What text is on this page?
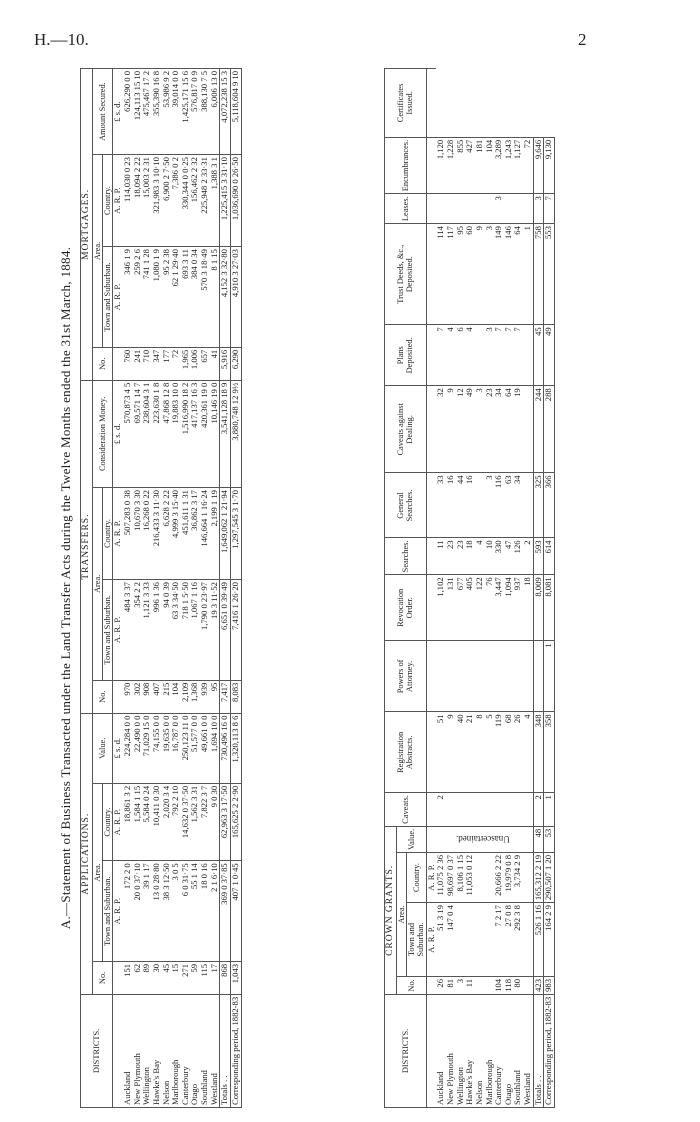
H.—10.	2
A.—Statement of Business Transacted under the Land Transfer Acts during the Twelve Months ended the 31st March, 1884.
DISTRICTS.	APPLICATIONS.				TRANSFERS.				MORTGAGES.			
	No.	Area.		Value.	No.	Area.		Consideration Money.	No.	Area.		Amount Secured.
		Town and Suburban.	Country.			Town and Suburban.	Country.			Town and Suburban.	Country.	
		A. R. P.	A. R. P.	£ s. d.		A. R. P.	A. R. P.	£ s. d.		A. R. P.	A. R. P.	£ s. d.
Auckland	151	172 2 0	18,861 3 2	224,284 0 0	970	484 3 37	507,283 0 38	570,873 4 5	760	346 1 9	114,030 0 23	626,290 0 0
New Plymouth	62	20 0 37·10	1,584 1 15	22,490 0 0	302	354 2 2	10,670 3 30	69,571 14 7	241	259 2 6	18,094 2 22	124,113 15 10
Wellington	89	39 1 17	5,584 0 24	71,029 15 0	908	1,121 3 33	16,268 0 22	238,604 3 1	710	741 1 28	15,003 2 31	475,467 17 2
Hawke's Bay	30	13 0 28·80	10,411 0 30	74,155 0 0	407	996 1 36	216,433 3 11·30	223,630 1 8	347	1,080 1 9	321,983 3 10·10	355,390 16 8
Nelson	45	38 3 12·50	2,020 3 4	19,635 0 0	215	94 0 39	6,628 2 22	47,868 12 8	177	95 2 38	6,900 2 7·50	53,986 9 2
Marlborough	15	3 0 5	792 2 10	16,787 0 0	104	63 3 34·50	4,999 3 15·40	19,883 10 0	72	62 1 29·40	7,386 0 2	39,014 0 0
Canterbury	271	6 0 31·75	14,632 0 37·50	250,123 11 0	2,109	718 1 5·50	451,611 1 31	1,516,990 18 2	1,965	693 3 11	330,344 0 0·25	1,425,171 15 6
Otago	59	55 1 14	1,562 3 31	51,577 0 0	1,368	1,067 1 16	36,862 3 17	417,137 16 3	1,006	384 0 34	156,462 2 32	576,817 0 9
Southland	115	18 0 16	7,822 3 7	49,661 0 0	939	1,790 0 23·97	146,664 1 16·24	420,361 19 0	657	570 3 18·49	225,948 2 33·31	388,130 7 5
Westland	17	2 1 6·10	9 0 30	1,694 10 0	95	19 3 11·52	2,199 1 19	10,146 19 0	41	8 1 15	1,388 3 1	6,006 13 0
Totals . .	868	369 0 37·85	62,963 3 17·50	730,496 16 0	7,417	6,651 0 39·49	1,649,062 1 21·94	3,541,128 18 9	5,916	4,152 3 32·80	1,225,415 3 31·10	4,072,238 15 3
Corresponding period, 1882-83	1,043	407 1 0·45	165,625 2 2·90	1,320,113 8 6	8,083	7,416 1 26·20	1,297,545 3 1·70	3,880,748 12 9½	6,290	4,910 3 27·03	1,036,690 0 26·50	5,118,604 9 10
DISTRICTS.	CROWN GRANTS.				Caveats.	Registration Abstracts.	Powers of Attorney.	Revocation Order.	Searches.	General Searches.	Caveats against Dealing.	Plans Deposited.	Trust Deeds, &c., Deposited.	Leases.	Encumbrances.	Certificates Issued.
	No.	Area.		Value.												
		Town and Suburban.	Country.													
		A. R. P.	A. R. P.													
Auckland	26	51 3 19	11,075 2 36	Unascertained.	2	51		1,102	11	33	32	7	114		1,120	
New Plymouth	81	147 0 4	98,697 0 37			9		131	23	16	9	4	117		1,228	
Wellington	3		8,106 1 15			40		677	23	44	12	6	95		855	
Hawke's Bay	11		11,053 0 12			21		405	18	16	49	4	60		427	
Nelson						8		122	4		3		9		181	
Marlborough						5		76	10	3	23	3	3		104	
Canterbury	104	7 2 17	20,666 2 22			119		3,447	330	116	34	7	149	3	3,289	
Otago	118	27 0 8	19,979 0 8			68		1,094	47	63	64	7	146		1,243	
Southland	80	292 3 8	3,734 2 9			26		937	126	34	19	7	64		1,127	
Westland						4		18	2				1		72	
Totals . .	423	526 1 16	165,312 2 19	48	2	348		8,009	593	325	244	45	758	3	9,646	
Corresponding period, 1882-83	983	164 2 9	290,507 1 20	53	1	358	1	8,081	614	366	288	49	553	7	9,130	
